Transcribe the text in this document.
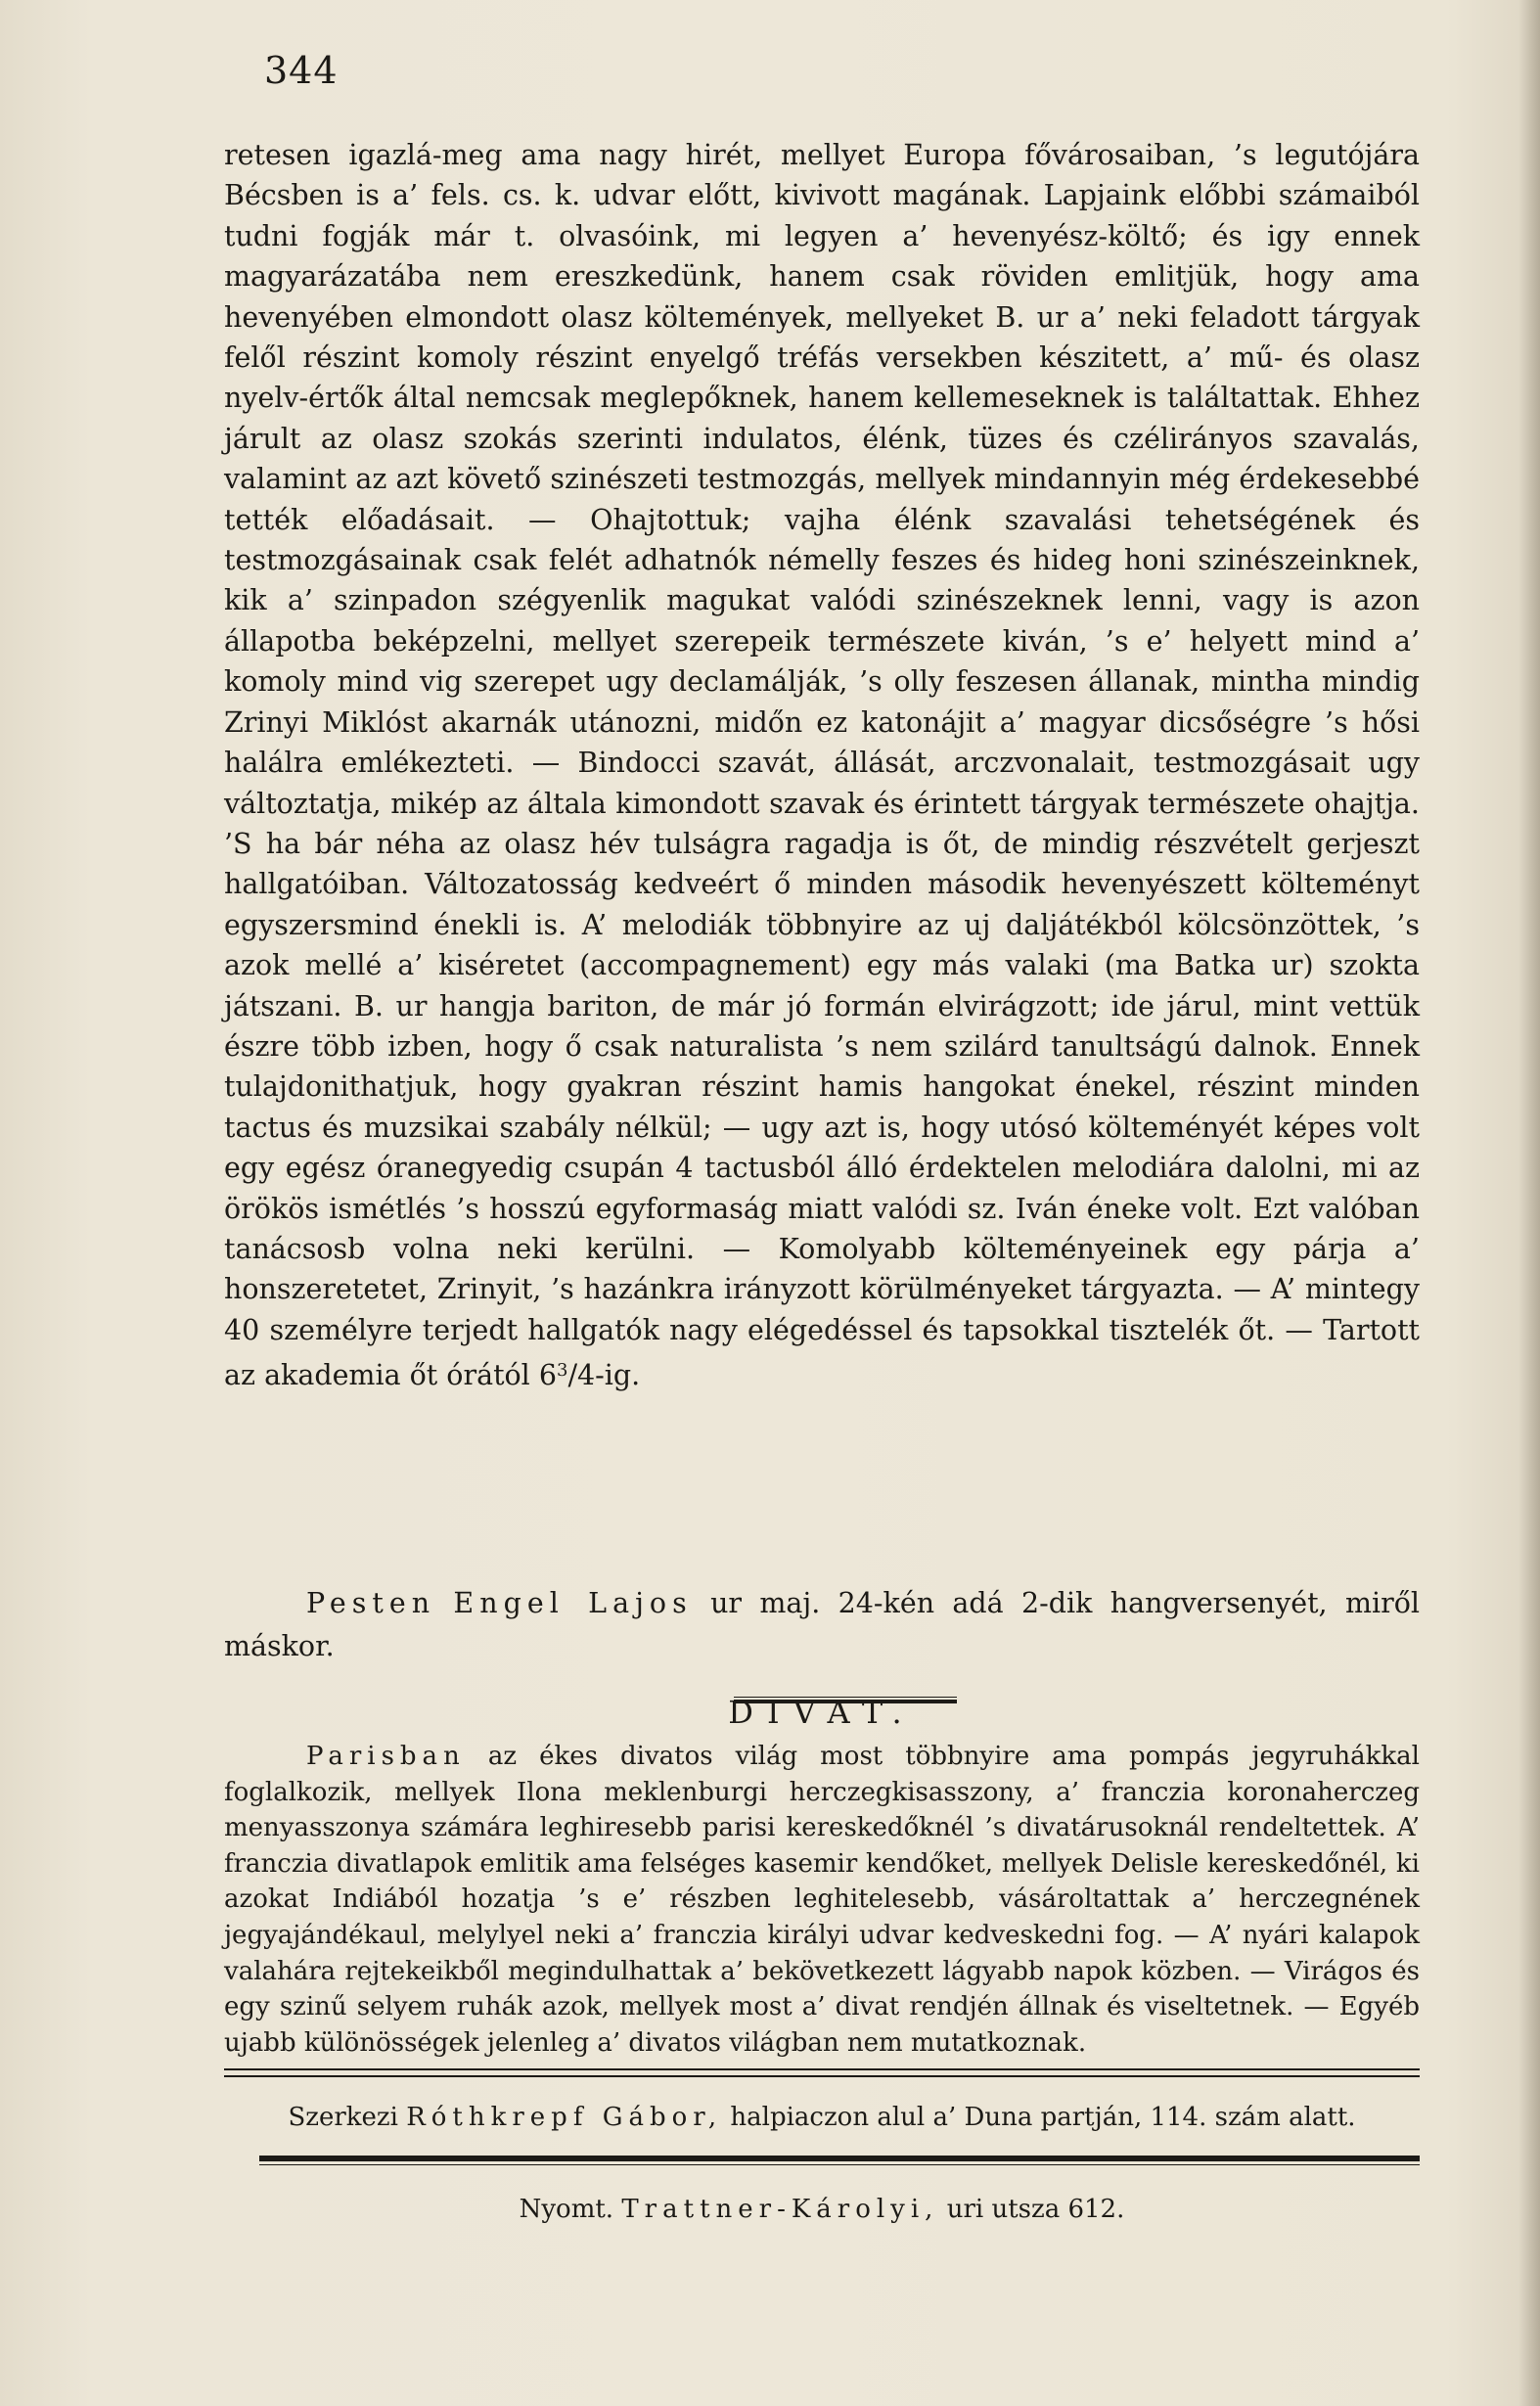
344

retesen igazlá-meg ama nagy hirét, mellyet Europa fővárosaiban, ’s legutójára Bécsben is a’ fels. cs. k. udvar előtt, kivivott magának. Lapjaink előbbi számaiból tudni fogják már t. olvasóink, mi legyen a’ hevenyész-költő; és igy ennek magyarázatába nem ereszkedünk, hanem csak röviden emlitjük, hogy ama hevenyében elmondott olasz költemények, mellyeket B. ur a’ neki feladott tárgyak felől részint komoly részint enyelgő tréfás versekben készitett, a’ mű- és olasz nyelv-értők által nemcsak meglepőknek, hanem kellemeseknek is találtattak. Ehhez járult az olasz szokás szerinti indulatos, élénk, tüzes és czélirányos szavalás, valamint az azt követő szinészeti testmozgás, mellyek mindannyin még érdekesebbé tették előadásait. — Ohajtottuk; vajha élénk szavalási tehetségének és testmozgásainak csak felét adhatnók némelly feszes és hideg honi szinészeinknek, kik a’ szinpadon szégyenlik magukat valódi szinészeknek lenni, vagy is azon állapotba beképzelni, mellyet szerepeik természete kiván, ’s e’ helyett mind a’ komoly mind vig szerepet ugy declamálják, ’s olly feszesen állanak, mintha mindig Zrinyi Miklóst akarnák utánozni, midőn ez katonájit a’ magyar dicsőségre ’s hősi halálra emlékezteti. — Bindocci szavát, állását, arczvonalait, testmozgásait ugy változtatja, mikép az általa kimondott szavak és érintett tárgyak természete ohajtja. ’S ha bár néha az olasz hév tulságra ragadja is őt, de mindig részvételt gerjeszt hallgatóiban. Változatosság kedveért ő minden második hevenyészett költeményt egyszersmind énekli is. A’ melodiák többnyire az uj daljátékból kölcsönzöttek, ’s azok mellé a’ kiséretet (accompagnement) egy más valaki (ma Batka ur) szokta játszani. B. ur hangja bariton, de már jó formán elvirágzott; ide járul, mint vettük észre több izben, hogy ő csak naturalista ’s nem szilárd tanultságú dalnok. Ennek tulajdonithatjuk, hogy gyakran részint hamis hangokat énekel, részint minden tactus és muzsikai szabály nélkül; — ugy azt is, hogy utósó költeményét képes volt egy egész óranegyedig csupán 4 tactusból álló érdektelen melodiára dalolni, mi az örökös ismétlés ’s hosszú egyformaság miatt valódi sz. Iván éneke volt. Ezt valóban tanácsosb volna neki kerülni. — Komolyabb költeményeinek egy párja a’ honszeretetet, Zrinyit, ’s hazánkra irányzott körülményeket tárgyazta. — A’ mintegy 40 személyre terjedt hallgatók nagy elégedéssel és tapsokkal tisztelék őt. — Tartott az akademia őt órától $6^3/4-ig$.

Pesten Engel Lajos ur maj. 24-kén adá 2-dik hangversenyét, miről máskor.
DIVAT.
Parisban az ékes divatos világ most többnyire ama pompás jegyruhákkal foglalkozik, mellyek Ilona meklenburgi herczegkisasszony, a’ franczia koronaherczeg menyasszonya számára leghiresebb parisi kereskedőknél ’s divatárusoknál rendeltettek. A’ franczia divatlapok emlitik ama felséges kasemir kendőket, mellyek Delisle kereskedőnél, ki azokat Indiából hozatja ’s e’ részben leghitelesebb, vásároltattak a’ herczegnének jegyajándékaul, melylyel neki a’ franczia királyi udvar kedveskedni fog. — A’ nyári kalapok valahára rejtekeikből megindulhattak a’ bekövetkezett lágyabb napok közben. — Virágos és egy szinű selyem ruhák azok, mellyek most a’ divat rendjén állnak és viseltetnek. — Egyéb ujabb különösségek jelenleg a’ divatos világban nem mutatkoznak.
Szerkezi Róthkrepf Gábor, halpiaczon alul a’ Duna partján, 114. szám alatt.
Nyomt. Trattner-Károlyi, uri utsza 612.
